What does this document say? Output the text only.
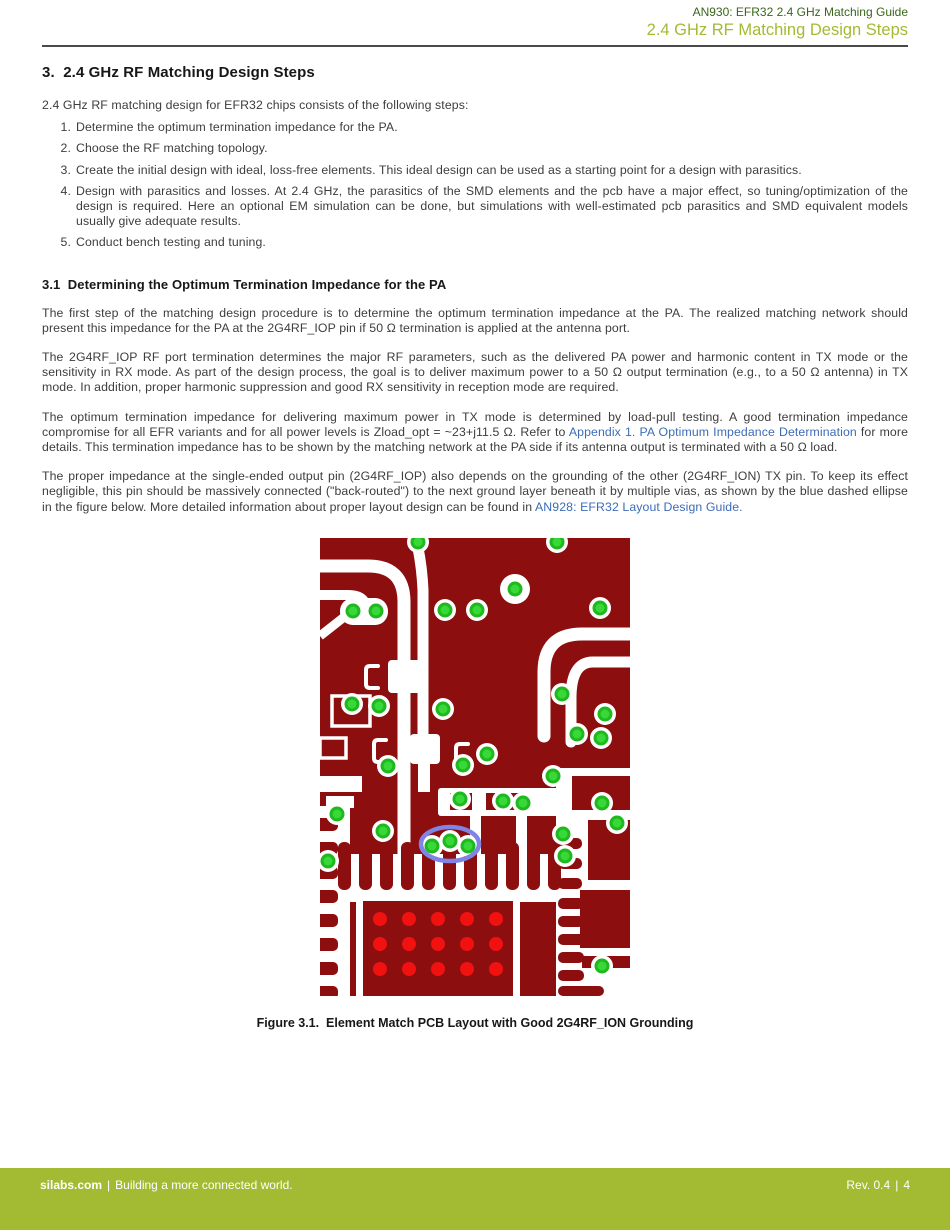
AN930: EFR32 2.4 GHz Matching Guide
2.4 GHz RF Matching Design Steps
3.  2.4 GHz RF Matching Design Steps

2.4 GHz RF matching design for EFR32 chips consists of the following steps:

1. Determine the optimum termination impedance for the PA.
2. Choose the RF matching topology.
3. Create the initial design with ideal, loss-free elements. This ideal design can be used as a starting point for a design with parasitics.
4. Design with parasitics and losses. At 2.4 GHz, the parasitics of the SMD elements and the pcb have a major effect, so tuning/optimization of the design is required. Here an optional EM simulation can be done, but simulations with well-estimated pcb parasitics and SMD equivalent models usually give adequate results.
5. Conduct bench testing and tuning.
3.1  Determining the Optimum Termination Impedance for the PA

The first step of the matching design procedure is to determine the optimum termination impedance at the PA. The realized matching network should present this impedance for the PA at the 2G4RF_IOP pin if 50 Ω termination is applied at the antenna port.

The 2G4RF_IOP RF port termination determines the major RF parameters, such as the delivered PA power and harmonic content in TX mode or the sensitivity in RX mode. As part of the design process, the goal is to deliver maximum power to a 50 Ω output termination (e.g., to a 50 Ω antenna) in TX mode. In addition, proper harmonic suppression and good RX sensitivity in reception mode are required.

The optimum termination impedance for delivering maximum power in TX mode is determined by load-pull testing. A good termination impedance compromise for all EFR variants and for all power levels is Zload_opt = ~23+j11.5 Ω. Refer to Appendix 1. PA Optimum Impedance Determination for more details. This termination impedance has to be shown by the matching network at the PA side if its antenna output is terminated with a 50 Ω load.

The proper impedance at the single-ended output pin (2G4RF_IOP) also depends on the grounding of the other (2G4RF_ION) TX pin. To keep its effect negligible, this pin should be massively connected ("back-routed") to the next ground layer beneath it by multiple vias, as shown by the blue dashed ellipse in the figure below. More detailed information about proper layout design can be found in AN928: EFR32 Layout Design Guide.

Figure 3.1.  Element Match PCB Layout with Good 2G4RF_ION Grounding
silabs.com | Building a more connected world.	Rev. 0.4 | 4
